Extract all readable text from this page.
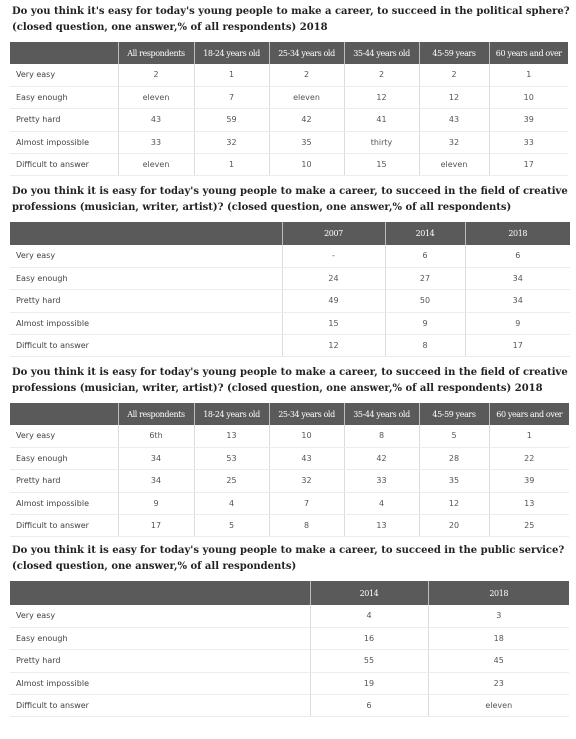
Do you think it's easy for today's young people to make a career, to succeed in the political sphere? (closed question, one answer,% of all respondents) 2018

	All respondents	18-24 years old	25-34 years old	35-44 years old	45-59 years	60 years and over
Very easy	2	1	2	2	2	1
Easy enough	eleven	7	eleven	12	12	10
Pretty hard	43	59	42	41	43	39
Almost impossible	33	32	35	thirty	32	33
Difficult to answer	eleven	1	10	15	eleven	17

Do you think it is easy for today's young people to make a career, to succeed in the field of creative professions (musician, writer, artist)? (closed question, one answer,% of all respondents)

	2007	2014	2018
Very easy	-	6	6
Easy enough	24	27	34
Pretty hard	49	50	34
Almost impossible	15	9	9
Difficult to answer	12	8	17

Do you think it is easy for today's young people to make a career, to succeed in the field of creative professions (musician, writer, artist)? (closed question, one answer,% of all respondents) 2018

	All respondents	18-24 years old	25-34 years old	35-44 years old	45-59 years	60 years and over
Very easy	6th	13	10	8	5	1
Easy enough	34	53	43	42	28	22
Pretty hard	34	25	32	33	35	39
Almost impossible	9	4	7	4	12	13
Difficult to answer	17	5	8	13	20	25

Do you think it is easy for today's young people to make a career, to succeed in the public service? (closed question, one answer,% of all respondents)

	2014	2018
Very easy	4	3
Easy enough	16	18
Pretty hard	55	45
Almost impossible	19	23
Difficult to answer	6	eleven
